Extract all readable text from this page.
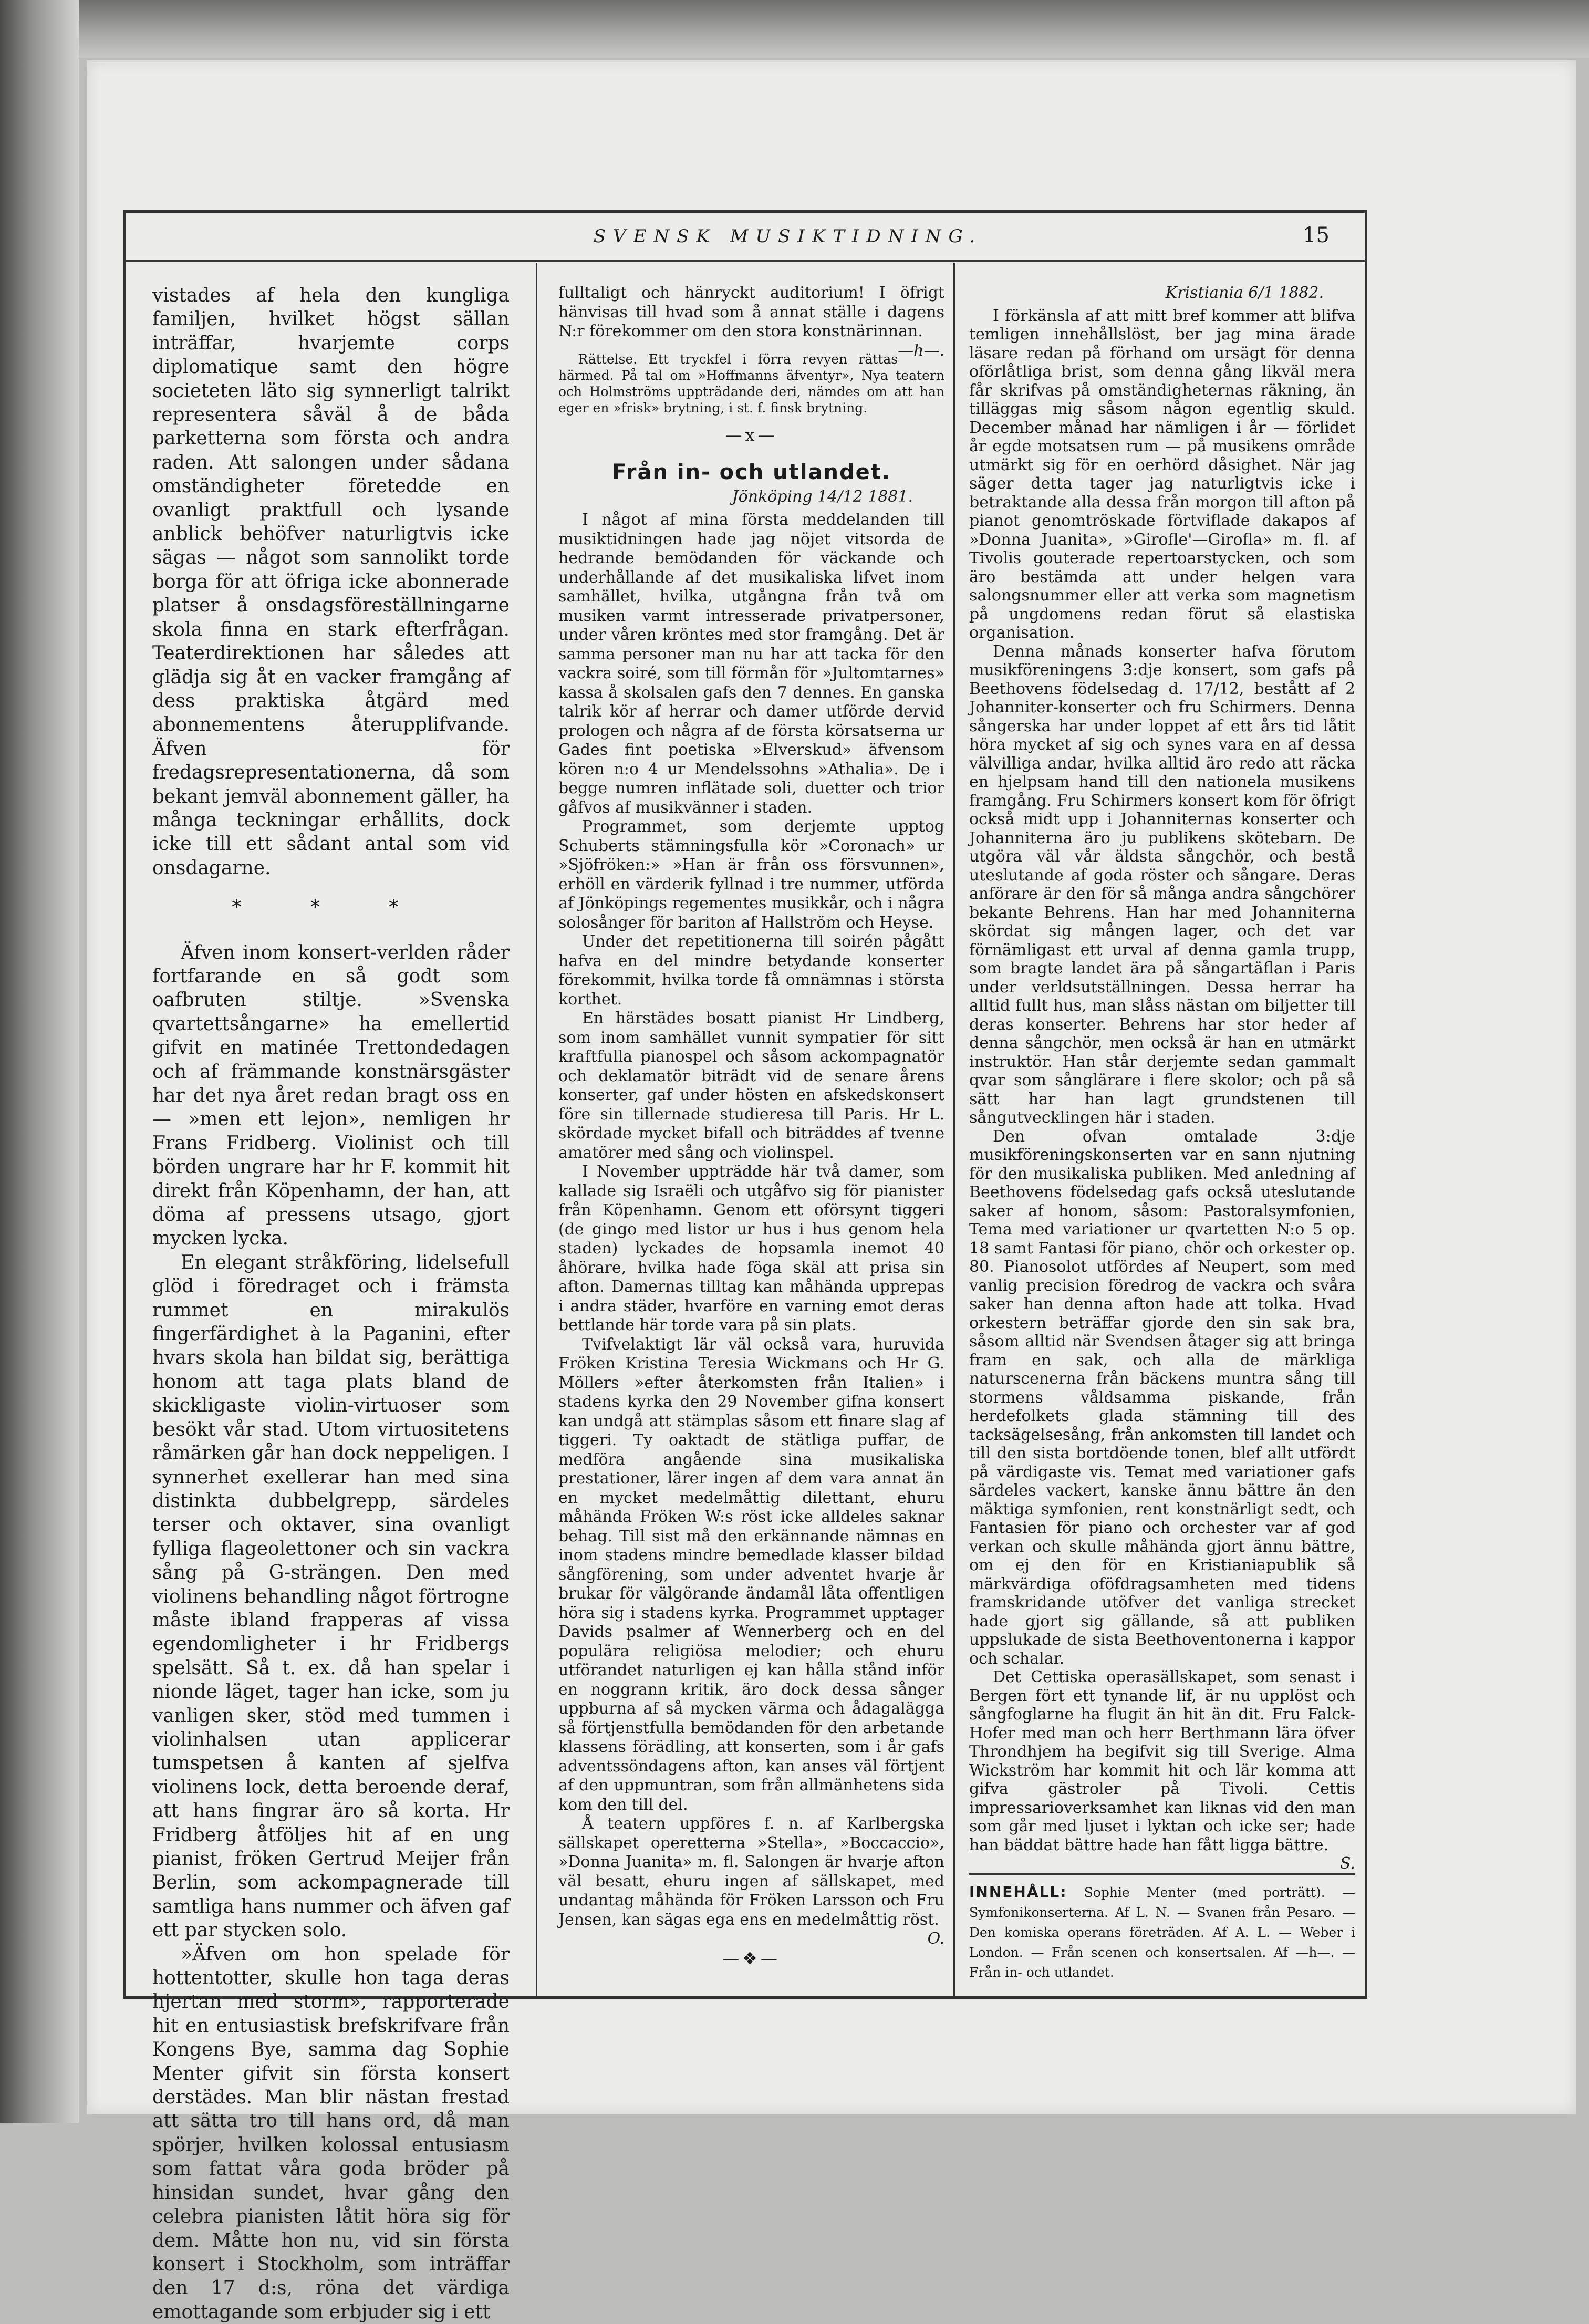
SVENSK MUSIKTIDNING.	15

vistades af hela den kungliga familjen, hvilket högst sällan inträffar, hvarjemte corps diplomatique samt den högre societeten läto sig synnerligt talrikt representera såväl å de båda parketterna som första och andra raden. Att salongen under sådana omständigheter företedde en ovanligt praktfull och lysande anblick behöfver naturligtvis icke sägas — något som sannolikt torde borga för att öfriga icke abonnerade platser å onsdagsföreställningarne skola finna en stark efterfrågan. Teaterdirektionen har således att glädja sig åt en vacker framgång af dess praktiska åtgärd med abonnementens återupplifvande. Äfven för fredagsrepresentationerna, då som bekant jemväl abonnement gäller, ha många teckningar erhållits, dock icke till ett sådant antal som vid onsdagarne.

* * *

Äfven inom konsert-verlden råder fortfarande en så godt som oafbruten stiltje. »Svenska qvartettsångarne» ha emellertid gifvit en matinée Trettondedagen och af främmande konstnärsgäster har det nya året redan bragt oss en — »men ett lejon», nemligen hr Frans Fridberg. Violinist och till börden ungrare har hr F. kommit hit direkt från Köpenhamn, der han, att döma af pressens utsago, gjort mycken lycka.

En elegant stråkföring, lidelsefull glöd i föredraget och i främsta rummet en mirakulös fingerfärdighet à la Paganini, efter hvars skola han bildat sig, berättiga honom att taga plats bland de skickligaste violin-virtuoser som besökt vår stad. Utom virtuositetens råmärken går han dock neppeligen. I synnerhet exellerar han med sina distinkta dubbelgrepp, särdeles terser och oktaver, sina ovanligt fylliga flageolettoner och sin vackra sång på G-strängen. Den med violinens behandling något förtrogne måste ibland frapperas af vissa egendomligheter i hr Fridbergs spelsätt. Så t. ex. då han spelar i nionde läget, tager han icke, som ju vanligen sker, stöd med tummen i violinhalsen utan applicerar tumspetsen å kanten af sjelfva violinens lock, detta beroende deraf, att hans fingrar äro så korta. Hr Fridberg åtföljes hit af en ung pianist, fröken Gertrud Meijer från Berlin, som ackompagnerade till samtliga hans nummer och äfven gaf ett par stycken solo.

»Äfven om hon spelade för hottentotter, skulle hon taga deras hjertan med storm», rapporterade hit en entusiastisk brefskrifvare från Kongens Bye, samma dag Sophie Menter gifvit sin första konsert derstädes. Man blir nästan frestad att sätta tro till hans ord, då man spörjer, hvilken kolossal entusiasm som fattat våra goda bröder på hinsidan sundet, hvar gång den celebra pianisten låtit höra sig för dem. Måtte hon nu, vid sin första konsert i Stockholm, som inträffar den 17 d:s, röna det värdiga emottagande som erbjuder sig i ett

fulltaligt och hänryckt auditorium! I öfrigt hänvisas till hvad som å annat ställe i dagens N:r förekommer om den stora konstnärinnan.
—h—.

Rättelse. Ett tryckfel i förra revyen rättas härmed. På tal om »Hoffmanns äfventyr», Nya teatern och Holmströms uppträdande deri, nämdes om att han eger en »frisk» brytning, i st. f. finsk brytning.

—x—
Från in- och utlandet.
Jönköping 14/12 1881.

I något af mina första meddelanden till musiktidningen hade jag nöjet vitsorda de hedrande bemödanden för väckande och underhållande af det musikaliska lifvet inom samhället, hvilka, utgångna från två om musiken varmt intresserade privatpersoner, under våren kröntes med stor framgång. Det är samma personer man nu har att tacka för den vackra soiré, som till förmån för »Jultomtarnes» kassa å skolsalen gafs den 7 dennes. En ganska talrik kör af herrar och damer utförde dervid prologen och några af de första körsatserna ur Gades fint poetiska »Elverskud» äfvensom kören n:o 4 ur Mendelssohns »Athalia». De i begge numren inflätade soli, duetter och trior gåfvos af musikvänner i staden.

Programmet, som derjemte upptog Schuberts stämningsfulla kör »Coronach» ur »Sjöfröken:» »Han är från oss försvunnen», erhöll en värderik fyllnad i tre nummer, utförda af Jönköpings regementes musikkår, och i några solosånger för bariton af Hallström och Heyse.

Under det repetitionerna till soirén pågått hafva en del mindre betydande konserter förekommit, hvilka torde få omnämnas i största korthet.

En härstädes bosatt pianist Hr Lindberg, som inom samhället vunnit sympatier för sitt kraftfulla pianospel och såsom ackompagnatör och deklamatör biträdt vid de senare årens konserter, gaf under hösten en afskedskonsert före sin tillernade studieresa till Paris. Hr L. skördade mycket bifall och biträddes af tvenne amatörer med sång och violinspel.

I November uppträdde här två damer, som kallade sig Israëli och utgåfvo sig för pianister från Köpenhamn. Genom ett oförsynt tiggeri (de gingo med listor ur hus i hus genom hela staden) lyckades de hopsamla inemot 40 åhörare, hvilka hade föga skäl att prisa sin afton. Damernas tilltag kan måhända upprepas i andra städer, hvarföre en varning emot deras bettlande här torde vara på sin plats.

Tvifvelaktigt lär väl också vara, huruvida Fröken Kristina Teresia Wickmans och Hr G. Möllers »efter återkomsten från Italien» i stadens kyrka den 29 November gifna konsert kan undgå att stämplas såsom ett finare slag af tiggeri. Ty oaktadt de stätliga puffar, de medföra angående sina musikaliska prestationer, lärer ingen af dem vara annat än en mycket medelmåttig dilettant, ehuru måhända Fröken W:s röst icke alldeles saknar behag. Till sist må den erkännande nämnas en inom stadens mindre bemedlade klasser bildad sångförening, som under adventet hvarje år brukar för välgörande ändamål låta offentligen höra sig i stadens kyrka. Programmet upptager Davids psalmer af Wennerberg och en del populära religiösa melodier; och ehuru utförandet naturligen ej kan hålla stånd inför en noggrann kritik, äro dock dessa sånger uppburna af så mycken värma och ådagalägga så förtjenstfulla bemödanden för den arbetande klassens förädling, att konserten, som i år gafs adventssöndagens afton, kan anses väl förtjent af den uppmuntran, som från allmänhetens sida kom den till del.

Å teatern uppföres f. n. af Karlbergska sällskapet operetterna »Stella», »Boccaccio», »Donna Juanita» m. fl. Salongen är hvarje afton väl besatt, ehuru ingen af sällskapet, med undantag måhända för Fröken Larsson och Fru Jensen, kan sägas ega ens en medelmåttig röst.
O.

—❖—
Kristiania 6/1 1882.

I förkänsla af att mitt bref kommer att blifva temligen innehållslöst, ber jag mina ärade läsare redan på förhand om ursägt för denna oförlåtliga brist, som denna gång likväl mera får skrifvas på omständigheternas räkning, än tilläggas mig såsom någon egentlig skuld. December månad har nämligen i år — förlidet år egde motsatsen rum — på musikens område utmärkt sig för en oerhörd dåsighet. När jag säger detta tager jag naturligtvis icke i betraktande alla dessa från morgon till afton på pianot genomtröskade förtviflade dakapos af »Donna Juanita», »Girofle'—Girofla» m. fl. af Tivolis gouterade repertoarstycken, och som äro bestämda att under helgen vara salongsnummer eller att verka som magnetism på ungdomens redan förut så elastiska organisation.

Denna månads konserter hafva förutom musikföreningens 3:dje konsert, som gafs på Beethovens födelsedag d. 17/12, bestått af 2 Johanniter-konserter och fru Schirmers. Denna sångerska har under loppet af ett års tid låtit höra mycket af sig och synes vara en af dessa välvilliga andar, hvilka alltid äro redo att räcka en hjelpsam hand till den nationela musikens framgång. Fru Schirmers konsert kom för öfrigt också midt upp i Johanniternas konserter och Johanniterna äro ju publikens skötebarn. De utgöra väl vår äldsta sångchör, och bestå uteslutande af goda röster och sångare. Deras anförare är den för så många andra sångchörer bekante Behrens. Han har med Johanniterna skördat sig mången lager, och det var förnämligast ett urval af denna gamla trupp, som bragte landet ära på sångartäflan i Paris under verldsutställningen. Dessa herrar ha alltid fullt hus, man slåss nästan om biljetter till deras konserter. Behrens har stor heder af denna sångchör, men också är han en utmärkt instruktör. Han står derjemte sedan gammalt qvar som sånglärare i flere skolor; och på så sätt har han lagt grundstenen till sångutvecklingen här i staden.

Den ofvan omtalade 3:dje musikföreningskonserten var en sann njutning för den musikaliska publiken. Med anledning af Beethovens födelsedag gafs också uteslutande saker af honom, såsom: Pastoralsymfonien, Tema med variationer ur qvartetten N:o 5 op. 18 samt Fantasi för piano, chör och orkester op. 80. Pianosolot utfördes af Neupert, som med vanlig precision föredrog de vackra och svåra saker han denna afton hade att tolka. Hvad orkestern beträffar gjorde den sin sak bra, såsom alltid när Svendsen åtager sig att bringa fram en sak, och alla de märkliga naturscenerna från bäckens muntra sång till stormens våldsamma piskande, från herdefolkets glada stämning till des tacksägelsesång, från ankomsten till landet och till den sista bortdöende tonen, blef allt utfördt på värdigaste vis. Temat med variationer gafs särdeles vackert, kanske ännu bättre än den mäktiga symfonien, rent konstnärligt sedt, och Fantasien för piano och orchester var af god verkan och skulle måhända gjort ännu bättre, om ej den för en Kristianiapublik så märkvärdiga oföfdragsamheten med tidens framskridande utöfver det vanliga strecket hade gjort sig gällande, så att publiken uppslukade de sista Beethoventonerna i kappor och schalar.

Det Cettiska operasällskapet, som senast i Bergen fört ett tynande lif, är nu upplöst och sångfoglarne ha flugit än hit än dit. Fru Falck-Hofer med man och herr Berthmann lära öfver Throndhjem ha begifvit sig till Sverige. Alma Wickström har kommit hit och lär komma att gifva gästroler på Tivoli. Cettis impressarioverksamhet kan liknas vid den man som går med ljuset i lyktan och icke ser; hade han bäddat bättre hade han fått ligga bättre.
S.

INNEHÅLL: Sophie Menter (med porträtt). — Symfonikonserterna. Af L. N. — Svanen från Pesaro. — Den komiska operans företräden. Af A. L. — Weber i London. — Från scenen och konsertsalen. Af —h—. — Från in- och utlandet.
